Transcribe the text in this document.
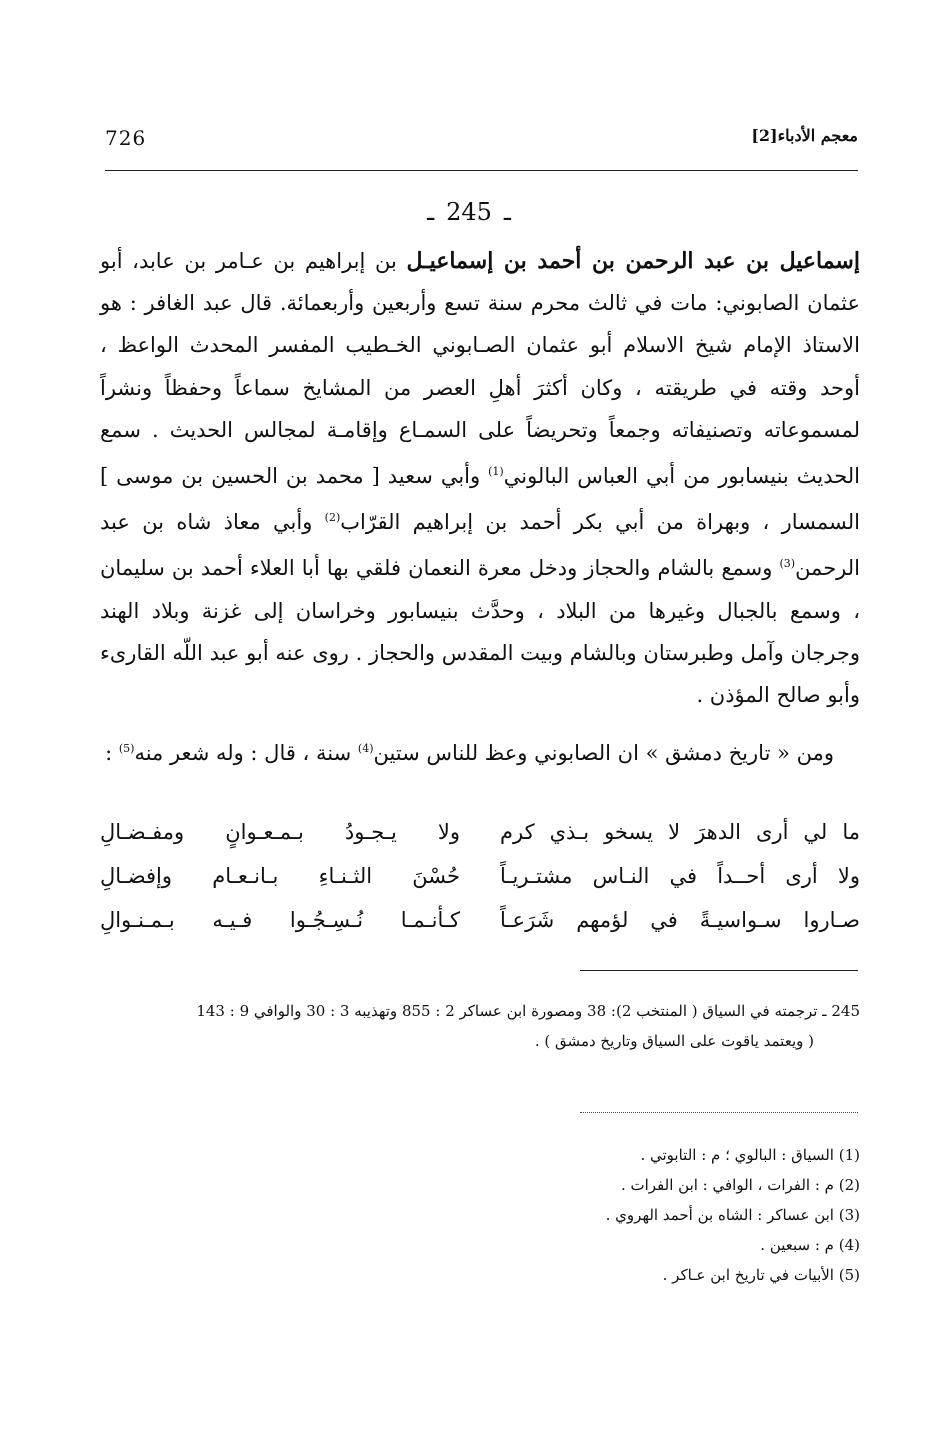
726	معجم الأدباء[2]
ـ245ـ

إسماعيل بن عبد الرحمن بن أحمد بن إسماعيـل بن إبراهيم بن عـامر بن عابد، أبو عثمان الصابوني: مات في ثالث محرم سنة تسع وأربعين وأربعمائة. قال عبد الغافر : هو الاستاذ الإمام شيخ الاسلام أبو عثمان الصـابوني الخـطيب المفسر المحدث الواعظ ، أوحد وقته في طريقته ، وكان أكثرَ أهلِ العصر من المشايخ سماعاً وحفظاً ونشراً لمسموعاته وتصنيفاته وجمعاً وتحريضاً على السمـاع وإقامـة لمجالس الحديث . سمع الحديث بنيسابور من أبي العباس البالوني$^{(1)}$ وأبي سعيد [ محمد بن الحسين بن موسى ] السمسار ، وبهراة من أبي بكر أحمد بن إبراهيم القرّاب$^{(2)}$ وأبي معاذ شاه بن عبد الرحمن$^{(3)}$ وسمع بالشام والحجاز ودخل معرة النعمان فلقي بها أبا العلاء أحمد بن سليمان ، وسمع بالجبال وغيرها من البلاد ، وحدَّث بنيسابور وخراسان إلى غزنة وبلاد الهند وجرجان وآمل وطبرستان وبالشام وبيت المقدس والحجاز . روى عنه أبو عبد اللّه القارىء وأبو صالح المؤذن .

ومن « تاريخ دمشق » ان الصابوني وعظ للناس ستين$^{(4)}$ سنة ، قال : وله شعر منه$^{(5)}$ :

ما لي أرى الدهرَ لا يسخو بـذي كرم
ولا يـجـودُ بـمـعـوانٍ ومفـضـالِ
ولا أرى أحــداً في النـاس مشتـريـاً
حُسْنَ الثـنـاءِ بـانـعـام وإفضـالِ
صـاروا سـواسيـةً في لؤمهم شَرَعـاً
كـأنـمـا نُـسِـجُـوا فـيـه بـمـنـوالِ
245 ـ ترجمته في السياق ( المنتخب 2): 38 ومصورة ابن عساكر 2 : 855 وتهذيبه 3 : 30 والوافي 9 : 143
( ويعتمد ياقوت على السياق وتاريخ دمشق ) .
(1) السياق : البالوي ؛ م : التابوتي .
(2) م : الفرات ، الوافي : ابن الفرات .
(3) ابن عساكر : الشاه بن أحمد الهروي .
(4) م : سبعين .
(5) الأبيات في تاريخ ابن عـاكر .
